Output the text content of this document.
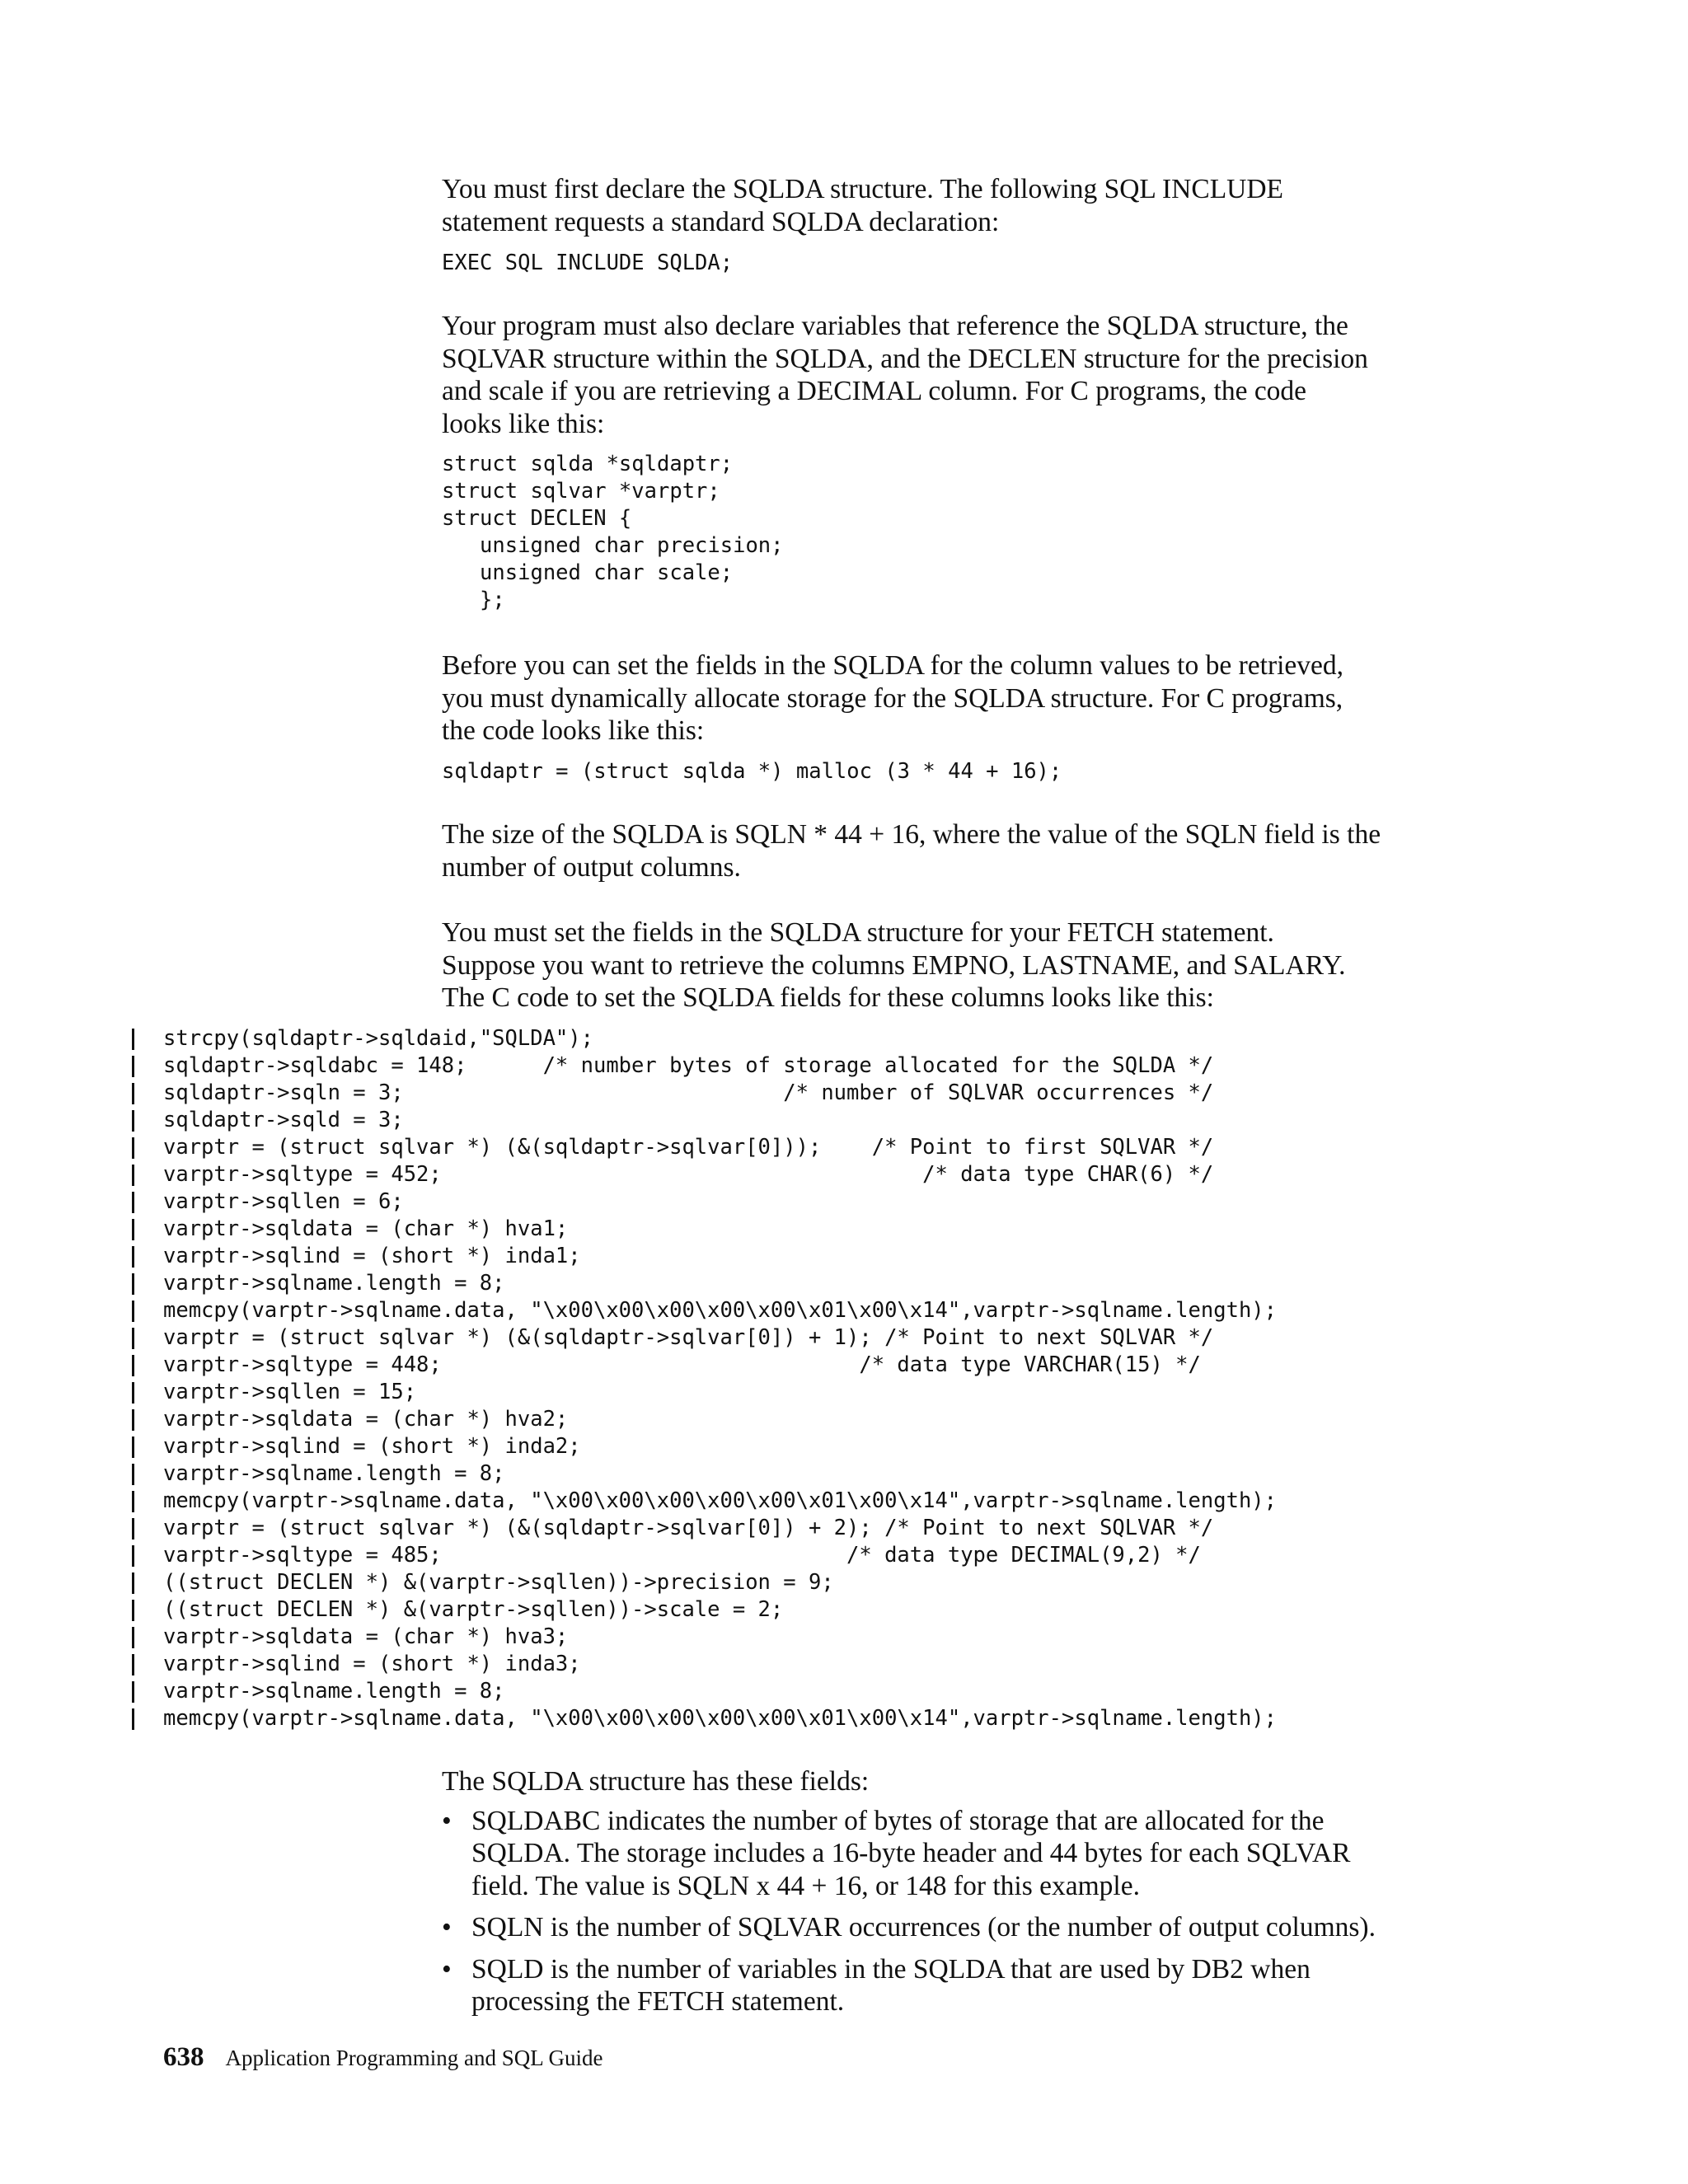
You must first declare the SQLDA structure. The following SQL INCLUDE
statement requests a standard SQLDA declaration:

EXEC SQL INCLUDE SQLDA;

Your program must also declare variables that reference the SQLDA structure, the
SQLVAR structure within the SQLDA, and the DECLEN structure for the precision
and scale if you are retrieving a DECIMAL column. For C programs, the code
looks like this:

struct sqlda *sqldaptr;
struct sqlvar *varptr;
struct DECLEN {
unsigned char precision;
unsigned char scale;
};

Before you can set the fields in the SQLDA for the column values to be retrieved,
you must dynamically allocate storage for the SQLDA structure. For C programs,
the code looks like this:

sqldaptr = (struct sqlda *) malloc (3 * 44 + 16);

The size of the SQLDA is SQLN * 44 + 16, where the value of the SQLN field is the
number of output columns.

You must set the fields in the SQLDA structure for your FETCH statement.
Suppose you want to retrieve the columns EMPNO, LASTNAME, and SALARY.
The C code to set the SQLDA fields for these columns looks like this:

strcpy(sqldaptr->sqldaid,"SQLDA");
sqldaptr->sqldabc = 148;      /* number bytes of storage allocated for the SQLDA */
sqldaptr->sqln = 3;                              /* number of SQLVAR occurrences */
sqldaptr->sqld = 3;
varptr = (struct sqlvar *) (&(sqldaptr->sqlvar[0]));    /* Point to first SQLVAR */
varptr->sqltype = 452;                                      /* data type CHAR(6) */
varptr->sqllen = 6;
varptr->sqldata = (char *) hva1;
varptr->sqlind = (short *) inda1;
varptr->sqlname.length = 8;
memcpy(varptr->sqlname.data, "\x00\x00\x00\x00\x00\x01\x00\x14",varptr->sqlname.length);
varptr = (struct sqlvar *) (&(sqldaptr->sqlvar[0]) + 1); /* Point to next SQLVAR */
varptr->sqltype = 448;                                 /* data type VARCHAR(15) */
varptr->sqllen = 15;
varptr->sqldata = (char *) hva2;
varptr->sqlind = (short *) inda2;
varptr->sqlname.length = 8;
memcpy(varptr->sqlname.data, "\x00\x00\x00\x00\x00\x01\x00\x14",varptr->sqlname.length);
varptr = (struct sqlvar *) (&(sqldaptr->sqlvar[0]) + 2); /* Point to next SQLVAR */
varptr->sqltype = 485;                                /* data type DECIMAL(9,2) */
((struct DECLEN *) &(varptr->sqllen))->precision = 9;
((struct DECLEN *) &(varptr->sqllen))->scale = 2;
varptr->sqldata = (char *) hva3;
varptr->sqlind = (short *) inda3;
varptr->sqlname.length = 8;
memcpy(varptr->sqlname.data, "\x00\x00\x00\x00\x00\x01\x00\x14",varptr->sqlname.length);

The SQLDA structure has these fields:

• SQLDABC indicates the number of bytes of storage that are allocated for the
SQLDA. The storage includes a 16-byte header and 44 bytes for each SQLVAR
field. The value is SQLN x 44 + 16, or 148 for this example.
• SQLN is the number of SQLVAR occurrences (or the number of output columns).
• SQLD is the number of variables in the SQLDA that are used by DB2 when
processing the FETCH statement.
638 Application Programming and SQL Guide
